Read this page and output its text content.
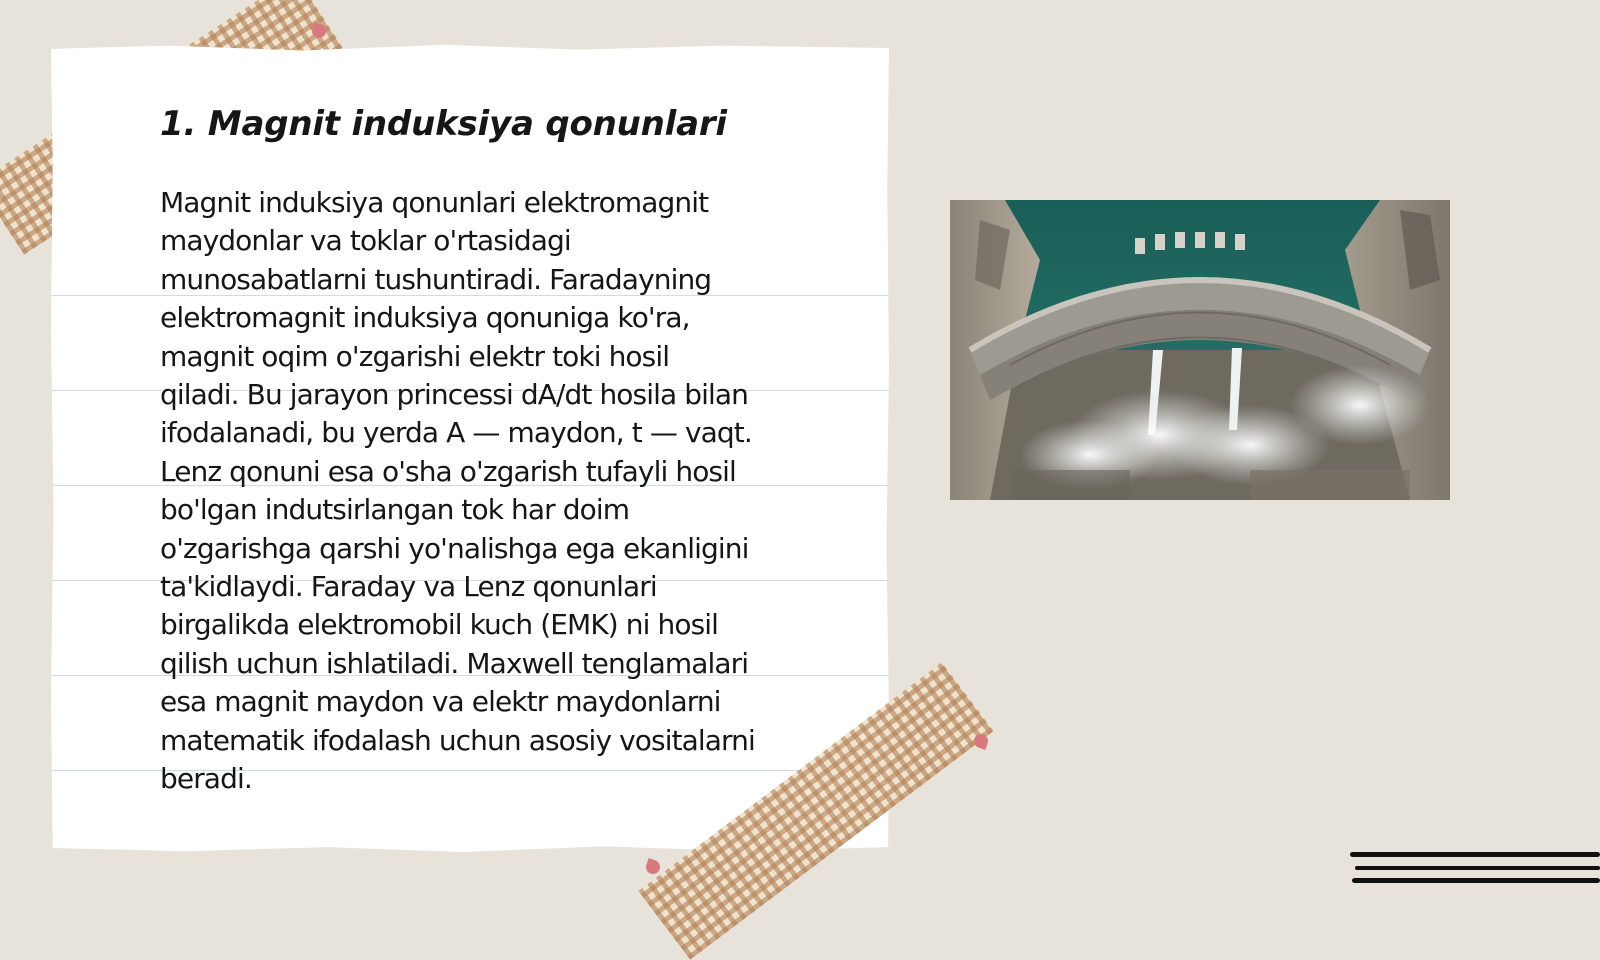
1. Magnit induksiya qonunlari
Magnit induksiya qonunlari elektromagnit
maydonlar va toklar o'rtasidagi
munosabatlarni tushuntiradi. Faradayning
elektromagnit induksiya qonuniga ko'ra,
magnit oqim o'zgarishi elektr toki hosil
qiladi. Bu jarayon princessi dA/dt hosila bilan
ifodalanadi, bu yerda A — maydon, t — vaqt.
Lenz qonuni esa o'sha o'zgarish tufayli hosil
bo'lgan indutsirlangan tok har doim
o'zgarishga qarshi yo'nalishga ega ekanligini
ta'kidlaydi. Faraday va Lenz qonunlari
birgalikda elektromobil kuch (EMK) ni hosil
qilish uchun ishlatiladi. Maxwell tenglamalari
esa magnit maydon va elektr maydonlarni
matematik ifodalash uchun asosiy vositalarni
beradi.
